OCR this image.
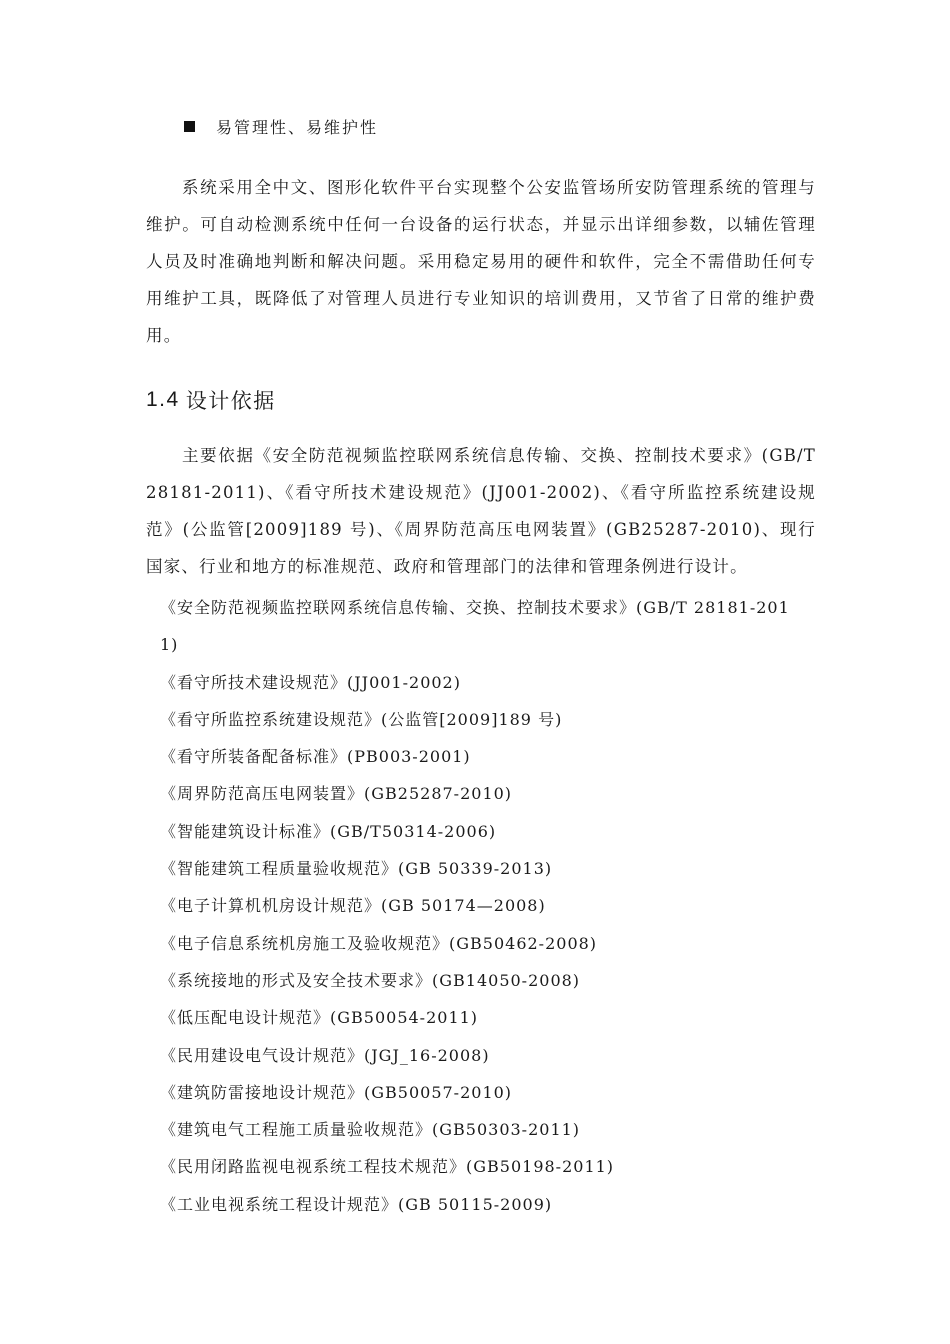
易管理性、易维护性

系统采用全中文、图形化软件平台实现整个公安监管场所安防管理系统的管理与维护。可自动检测系统中任何一台设备的运行状态，并显示出详细参数，以辅佐管理人员及时准确地判断和解决问题。采用稳定易用的硬件和软件，完全不需借助任何专用维护工具，既降低了对管理人员进行专业知识的培训费用，又节省了日常的维护费用。

1.4 设计依据

主要依据《安全防范视频监控联网系统信息传输、交换、控制技术要求》(GB/T 28181-2011)、《看守所技术建设规范》(JJ001-2002)、《看守所监控系统建设规范》(公监管[2009]189 号)、《周界防范高压电网装置》(GB25287-2010)、现行国家、行业和地方的标准规范、政府和管理部门的法律和管理条例进行设计。

《安全防范视频监控联网系统信息传输、交换、控制技术要求》(GB/T 28181-2011)
《看守所技术建设规范》(JJ001-2002)
《看守所监控系统建设规范》(公监管[2009]189 号)
《看守所装备配备标准》(PB003-2001)
《周界防范高压电网装置》(GB25287-2010)
《智能建筑设计标准》(GB/T50314-2006)
《智能建筑工程质量验收规范》(GB 50339-2013)
《电子计算机机房设计规范》(GB 50174—2008)
《电子信息系统机房施工及验收规范》(GB50462-2008)
《系统接地的形式及安全技术要求》(GB14050-2008)
《低压配电设计规范》(GB50054-2011)
《民用建设电气设计规范》(JGJ_16-2008)
《建筑防雷接地设计规范》(GB50057-2010)
《建筑电气工程施工质量验收规范》(GB50303-2011)
《民用闭路监视电视系统工程技术规范》(GB50198-2011)
《工业电视系统工程设计规范》(GB 50115-2009)
